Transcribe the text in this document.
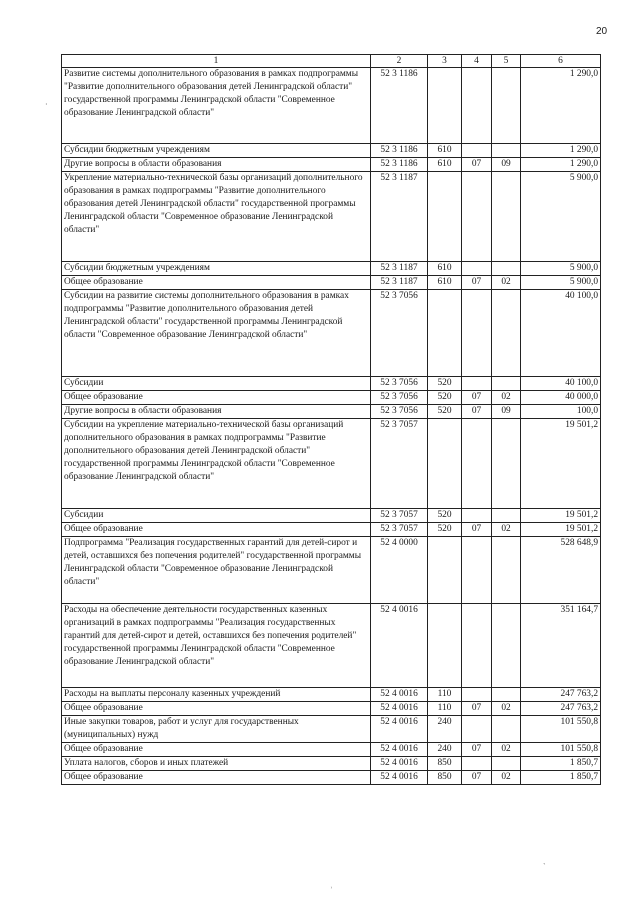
20
1	2	3	4	5	6
Развитие системы дополнительного образования в рамках подпрограммы "Развитие дополнительного образования детей Ленинградской области" государственной программы Ленинградской области "Современное образование Ленинградской области"	52 3 1186				1 290,0
Субсидии бюджетным учреждениям	52 3 1186	610			1 290,0
Другие вопросы в области образования	52 3 1186	610	07	09	1 290,0
Укрепление материально-технической базы организаций дополнительного образования в рамках подпрограммы "Развитие дополнительного образования детей Ленинградской области" государственной программы Ленинградской области "Современное образование Ленинградской области"	52 3 1187				5 900,0
Субсидии бюджетным учреждениям	52 3 1187	610			5 900,0
Общее образование	52 3 1187	610	07	02	5 900,0
Субсидии на развитие системы дополнительного образования в рамках подпрограммы "Развитие дополнительного образования детей Ленинградской области" государственной программы Ленинградской области "Современное образование Ленинградской области"	52 3 7056				40 100,0
Субсидии	52 3 7056	520			40 100,0
Общее образование	52 3 7056	520	07	02	40 000,0
Другие вопросы в области образования	52 3 7056	520	07	09	100,0
Субсидии на укрепление материально-технической базы организаций дополнительного образования в рамках подпрограммы "Развитие дополнительного образования детей Ленинградской области" государственной программы Ленинградской области "Современное образование Ленинградской области"	52 3 7057				19 501,2
Субсидии	52 3 7057	520			19 501,2
Общее образование	52 3 7057	520	07	02	19 501,2
Подпрограмма "Реализация государственных гарантий для детей-сирот и детей, оставшихся без попечения родителей" государственной программы Ленинградской области "Современное образование Ленинградской области"	52 4 0000				528 648,9
Расходы на обеспечение деятельности государственных казенных организаций в рамках подпрограммы "Реализация государственных гарантий для детей-сирот и детей, оставшихся без попечения родителей" государственной программы Ленинградской области "Современное образование Ленинградской области"	52 4 0016				351 164,7
Расходы на выплаты персоналу казенных учреждений	52 4 0016	110			247 763,2
Общее образование	52 4 0016	110	07	02	247 763,2
Иные закупки товаров, работ и услуг для государственных (муниципальных) нужд	52 4 0016	240			101 550,8
Общее образование	52 4 0016	240	07	02	101 550,8
Уплата налогов, сборов и иных платежей	52 4 0016	850			1 850,7
Общее образование	52 4 0016	850	07	02	1 850,7
·
`
˒
